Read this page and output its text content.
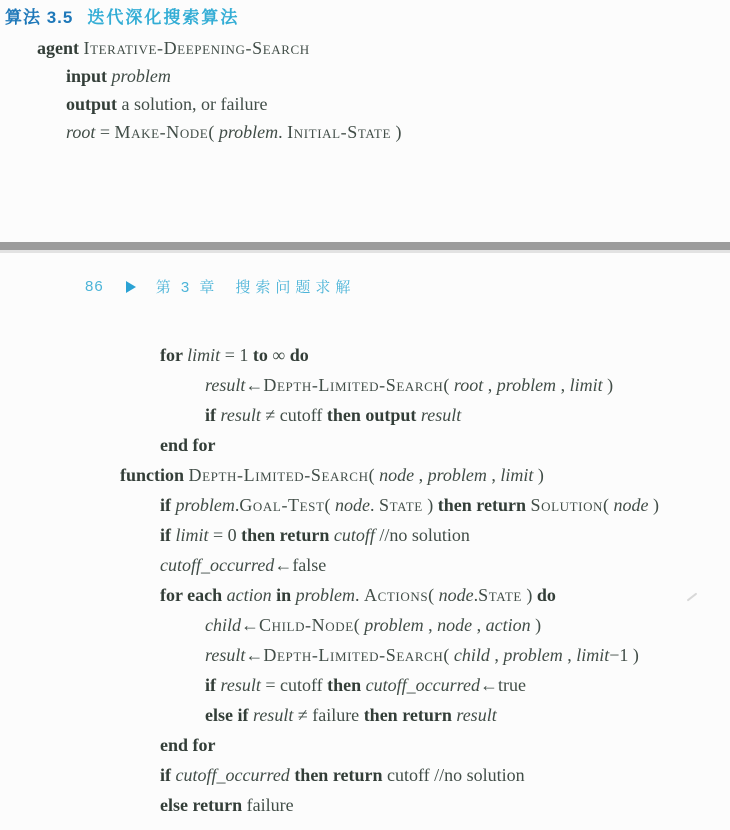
算法 3.5 迭代深化搜索算法
agent Iterative-Deepening-Search
input problem
output a solution, or failure
root = Make-Node( problem. Initial-State )
86	第 3 章 搜索问题求解
for limit = 1 to ∞ do
result←Depth-Limited-Search( root , problem , limit )
if result ≠ cutoff then output result
end for
function Depth-Limited-Search( node , problem , limit )
if problem.Goal-Test( node. State ) then return Solution( node )
if limit = 0 then return cutoff //no solution
cutoff_occurred←false
for each action in problem. Actions( node.State ) do
child←Child-Node( problem , node , action )
result←Depth-Limited-Search( child , problem , limit−1 )
if result = cutoff then cutoff_occurred←true
else if result ≠ failure then return result
end for
if cutoff_occurred then return cutoff //no solution
else return failure
